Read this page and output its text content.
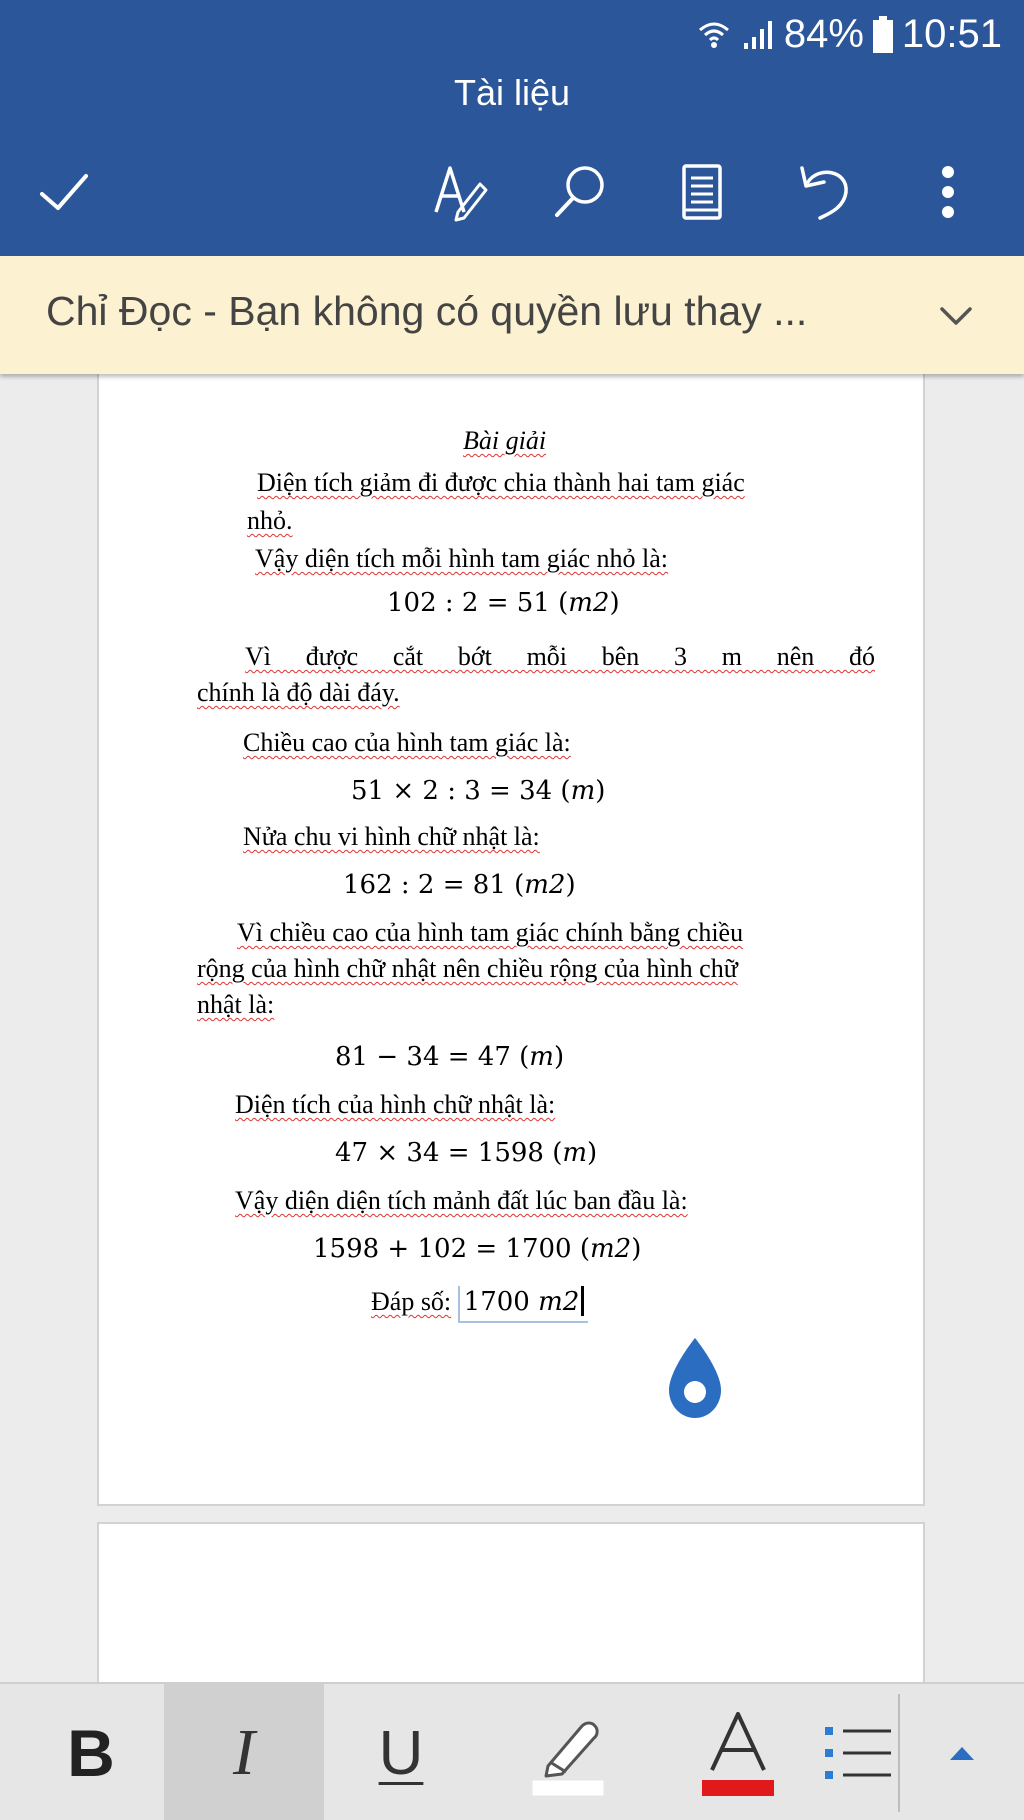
84% 10:51
Tài liệu
Chỉ Đọc - Bạn không có quyền lưu thay ...
Bài giải
Diện tích giảm đi được chia thành hai tam giác
nhỏ.
Vậy diện tích mỗi hình tam giác nhỏ là:
102 : 2 = 51 (m2)
Vì được cắt bớt mỗi bên 3 m nên đó
chính là độ dài đáy.
Chiều cao của hình tam giác là:
51 × 2 : 3 = 34 (m)
Nửa chu vi hình chữ nhật là:
162 : 2 = 81 (m2)
Vì chiều cao của hình tam giác chính bằng chiều
rộng của hình chữ nhật nên chiều rộng của hình chữ
nhật là:
81 − 34 = 47 (m)
Diện tích của hình chữ nhật là:
47 × 34 = 1598 (m)
Vậy diện diện tích mảnh đất lúc ban đầu là:
1598 + 102 = 1700 (m2)
Đáp số: 1700 m2
B I U
